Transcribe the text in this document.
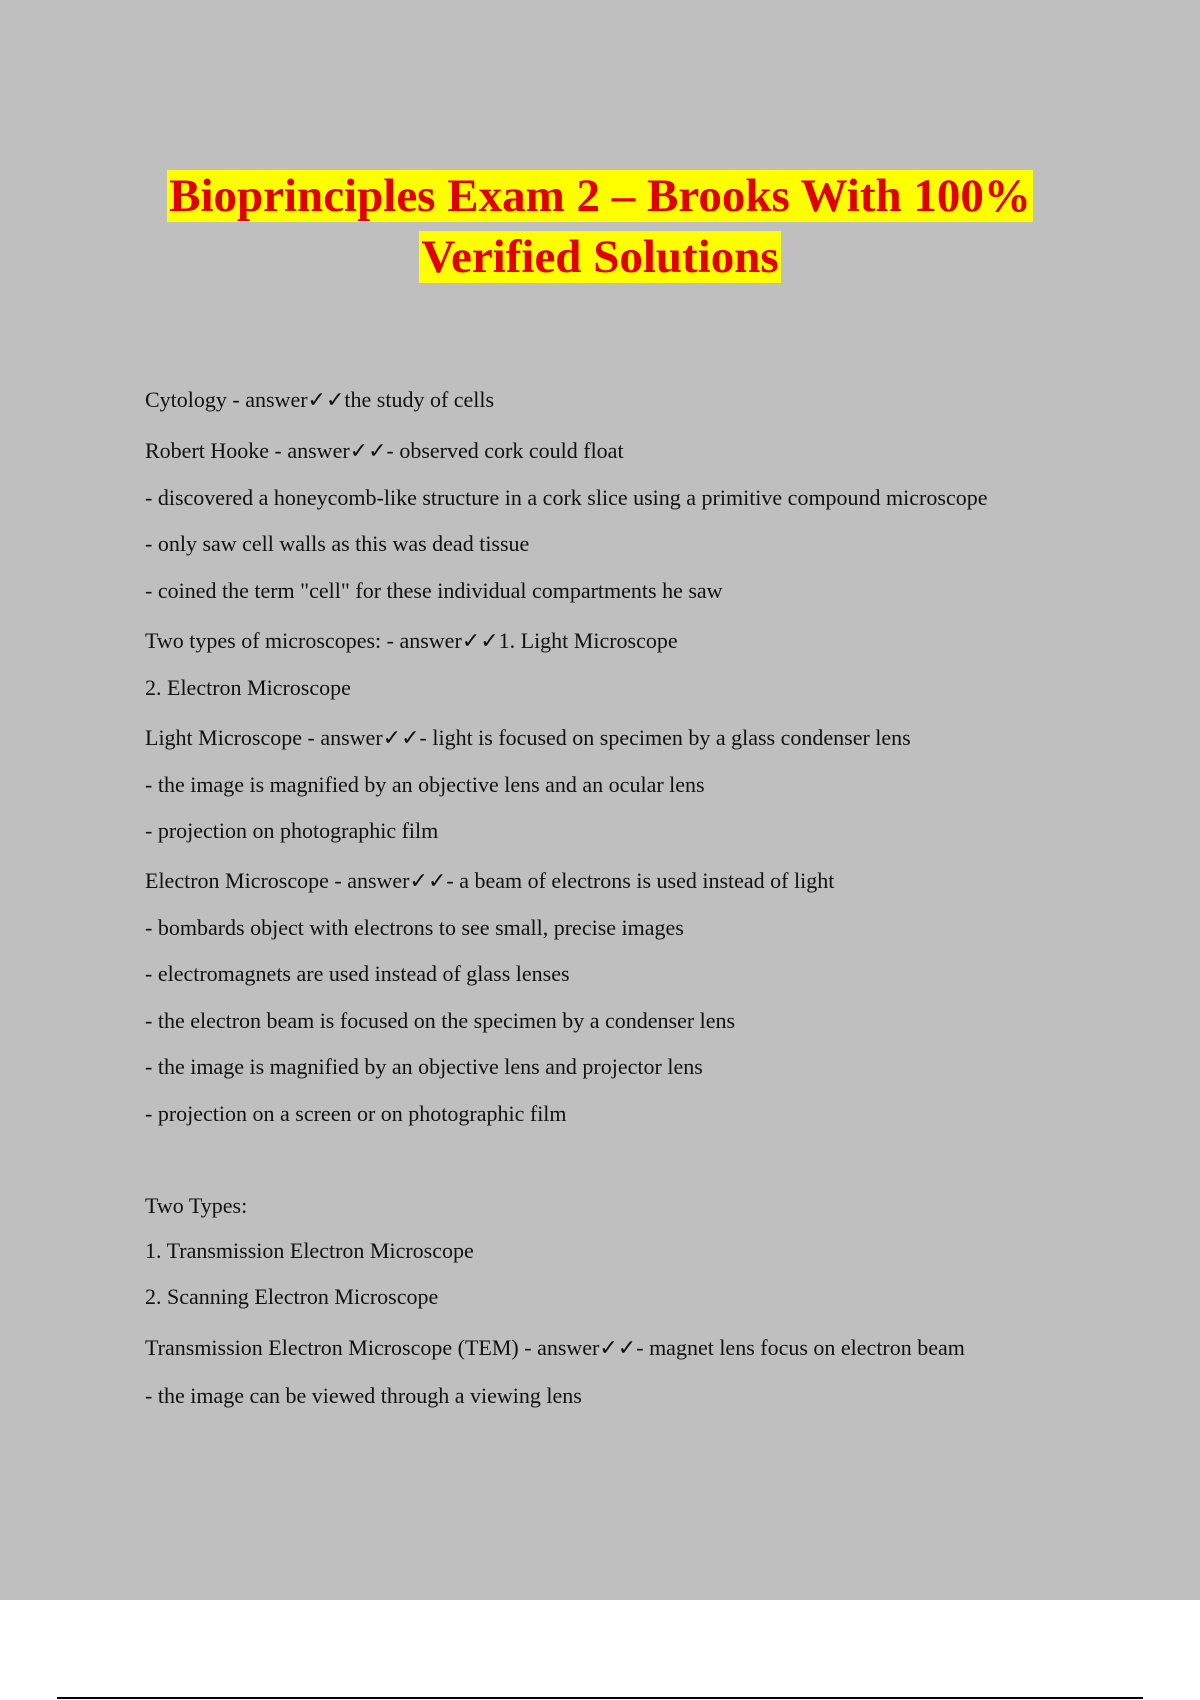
Bioprinciples Exam 2 – Brooks With 100%
Verified Solutions
Cytology - answer✓✓the study of cells
Robert Hooke - answer✓✓- observed cork could float
- discovered a honeycomb-like structure in a cork slice using a primitive compound microscope
- only saw cell walls as this was dead tissue
- coined the term "cell" for these individual compartments he saw
Two types of microscopes: - answer✓✓1. Light Microscope
2. Electron Microscope
Light Microscope - answer✓✓- light is focused on specimen by a glass condenser lens
- the image is magnified by an objective lens and an ocular lens
- projection on photographic film
Electron Microscope - answer✓✓- a beam of electrons is used instead of light
- bombards object with electrons to see small, precise images
- electromagnets are used instead of glass lenses
- the electron beam is focused on the specimen by a condenser lens
- the image is magnified by an objective lens and projector lens
- projection on a screen or on photographic film
Two Types:
1. Transmission Electron Microscope
2. Scanning Electron Microscope
Transmission Electron Microscope (TEM) - answer✓✓- magnet lens focus on electron beam
- the image can be viewed through a viewing lens
